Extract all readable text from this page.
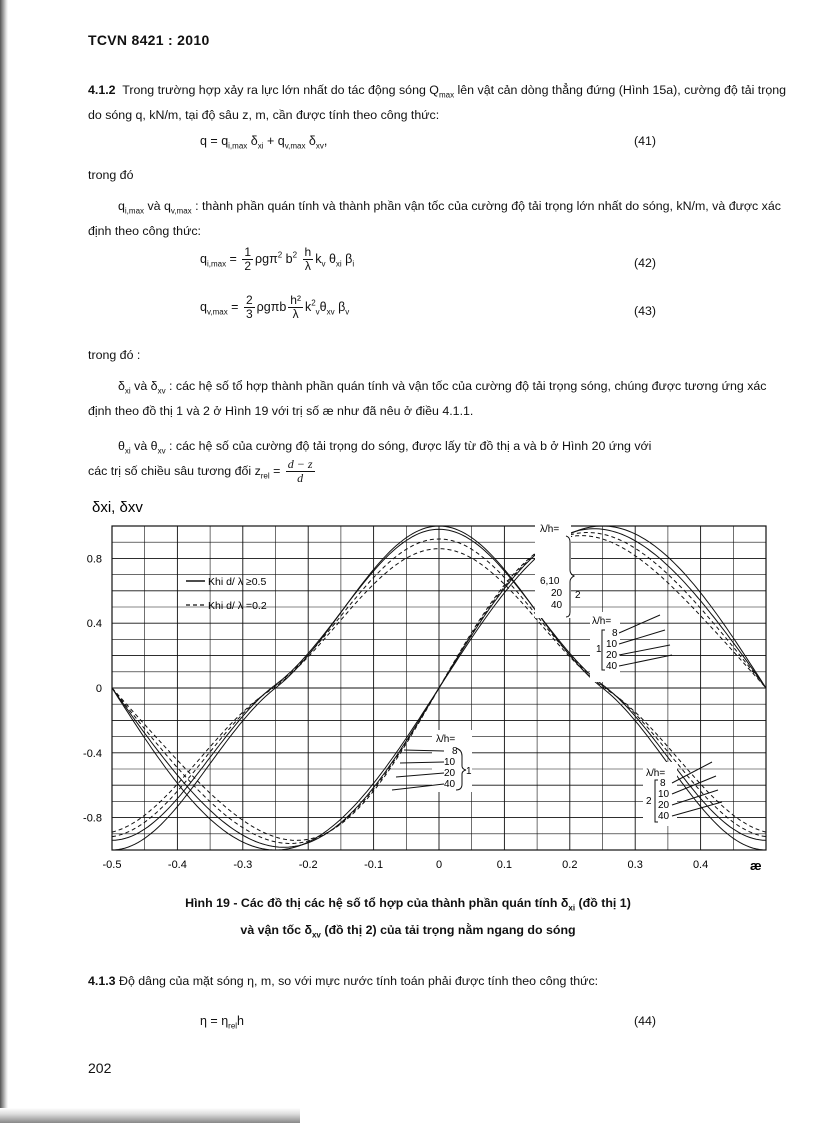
TCVN 8421 : 2010
4.1.2 Trong trường hợp xảy ra lực lớn nhất do tác động sóng $Q_{max}$ lên vật cản dòng thẳng đứng (Hình 15a), cường độ tải trọng do sóng q, kN/m, tại độ sâu z, m, cần được tính theo công thức:
$q = q_{i,max}$ $\delta_{xi} + q_{v,max}$ $\delta_{xv}$,	(41)
trong đó
$q_{i,max}$ và $q_{v,max}$ : thành phần quán tính và thành phần vận tốc của cường độ tải trọng lớn nhất do sóng, kN/m, và được xác định theo công thức:
$q_{i,max} = \frac{1}{2} \rho g\pi^2$ $b^2 \frac{h}{\lambda} k_v$ $\theta_{xi}$ $\beta_i$	(42)
$q_{v,max} = \frac{2}{3}$ ρgπb $\frac{\text{h²}}{\lambda} k^2_v\theta_{xv}$ $\beta_v$	(43)
trong đó :
$\delta_{xi}$ và $\delta_{xv}$ : các hệ số tổ hợp thành phần quán tính và vận tốc của cường độ tải trọng sóng, chúng được tương ứng xác định theo đồ thị 1 và 2 ở Hình 19 với trị số æ như đã nêu ở điều 4.1.1.
$\theta_{xi}$ và $\theta_{xv}$ : các hệ số của cường độ tải trọng do sóng, được lấy từ đồ thị a và b ở Hình 20 ứng với
các trị số chiều sâu tương đối $z_{rel} = \frac{d - z}{d}$
-0.5	-0.4	-0.3	-0.2	-0.1	0	0.1	0.2	0.3	0.4
0.8
0.4
0
-0.4
-0.8
δxi, δxv
æ
Khi d/ λ ≥0.5
Khi d/ λ =0.2
λ/h=
6,10
20
40
2
λ/h=
8
10
20
40
1
λ/h=
8
10
20
40
1	λ/h=
8
10
20
40
2
Hình 19 - Các đồ thị các hệ số tổ hợp của thành phần quán tính $\delta_{xi}$ (đồ thị 1)
và vận tốc $\delta_{xv}$ (đồ thị 2) của tải trọng nằm ngang do sóng
4.1.3 Độ dâng của mặt sóng η, m, so với mực nước tính toán phải được tính theo công thức:
$\eta = \eta_{rel}h$	(44)
202
